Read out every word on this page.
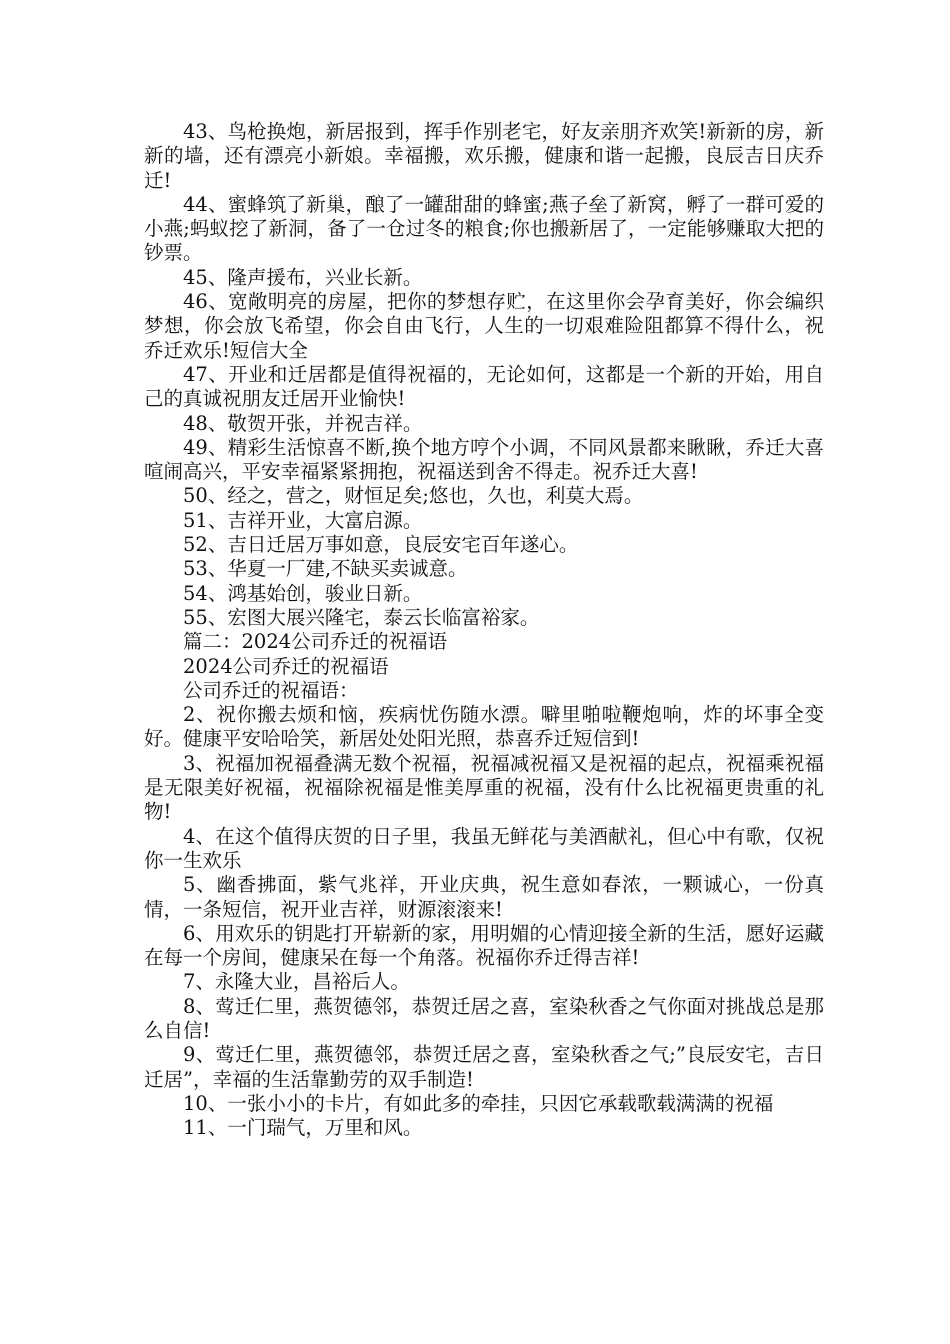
43、鸟枪换炮，新居报到，挥手作别老宅，好友亲朋齐欢笑!新新的房，新新的墙，还有漂亮小新娘。幸福搬，欢乐搬，健康和谐一起搬，良辰吉日庆乔迁!

44、蜜蜂筑了新巢，酿了一罐甜甜的蜂蜜;燕子垒了新窝，孵了一群可爱的小燕;蚂蚁挖了新洞，备了一仓过冬的粮食;你也搬新居了，一定能够赚取大把的钞票。

45、隆声援布，兴业长新。

46、宽敞明亮的房屋，把你的梦想存贮，在这里你会孕育美好，你会编织梦想，你会放飞希望，你会自由飞行，人生的一切艰难险阻都算不得什么，祝乔迁欢乐!短信大全

47、开业和迁居都是值得祝福的，无论如何，这都是一个新的开始，用自己的真诚祝朋友迁居开业愉快!

48、敬贺开张，并祝吉祥。

49、精彩生活惊喜不断,换个地方哼个小调，不同风景都来瞅瞅，乔迁大喜喧闹高兴，平安幸福紧紧拥抱，祝福送到舍不得走。祝乔迁大喜!

50、经之，营之，财恒足矣;悠也，久也，利莫大焉。

51、吉祥开业，大富启源。

52、吉日迁居万事如意，良辰安宅百年遂心。

53、华夏一厂建,不缺买卖诚意。

54、鸿基始创，骏业日新。

55、宏图大展兴隆宅，泰云长临富裕家。

篇二：2024公司乔迁的祝福语

2024公司乔迁的祝福语

公司乔迁的祝福语：

2、祝你搬去烦和恼，疾病忧伤随水漂。噼里啪啦鞭炮响，炸的坏事全变好。健康平安哈哈笑，新居处处阳光照，恭喜乔迁短信到!

3、祝福加祝福叠满无数个祝福，祝福减祝福又是祝福的起点，祝福乘祝福是无限美好祝福，祝福除祝福是惟美厚重的祝福，没有什么比祝福更贵重的礼物!

4、在这个值得庆贺的日子里，我虽无鲜花与美酒献礼，但心中有歌，仅祝你一生欢乐

5、幽香拂面，紫气兆祥，开业庆典，祝生意如春浓，一颗诚心，一份真情，一条短信，祝开业吉祥，财源滚滚来!

6、用欢乐的钥匙打开崭新的家，用明媚的心情迎接全新的生活，愿好运藏在每一个房间，健康呆在每一个角落。祝福你乔迁得吉祥!

7、永隆大业，昌裕后人。

8、莺迁仁里，燕贺德邻，恭贺迁居之喜，室染秋香之气你面对挑战总是那么自信!

9、莺迁仁里，燕贺德邻，恭贺迁居之喜，室染秋香之气;”良辰安宅，吉日迁居”，幸福的生活靠勤劳的双手制造!

10、一张小小的卡片，有如此多的牵挂，只因它承载歌载满满的祝福

11、一门瑞气，万里和风。
